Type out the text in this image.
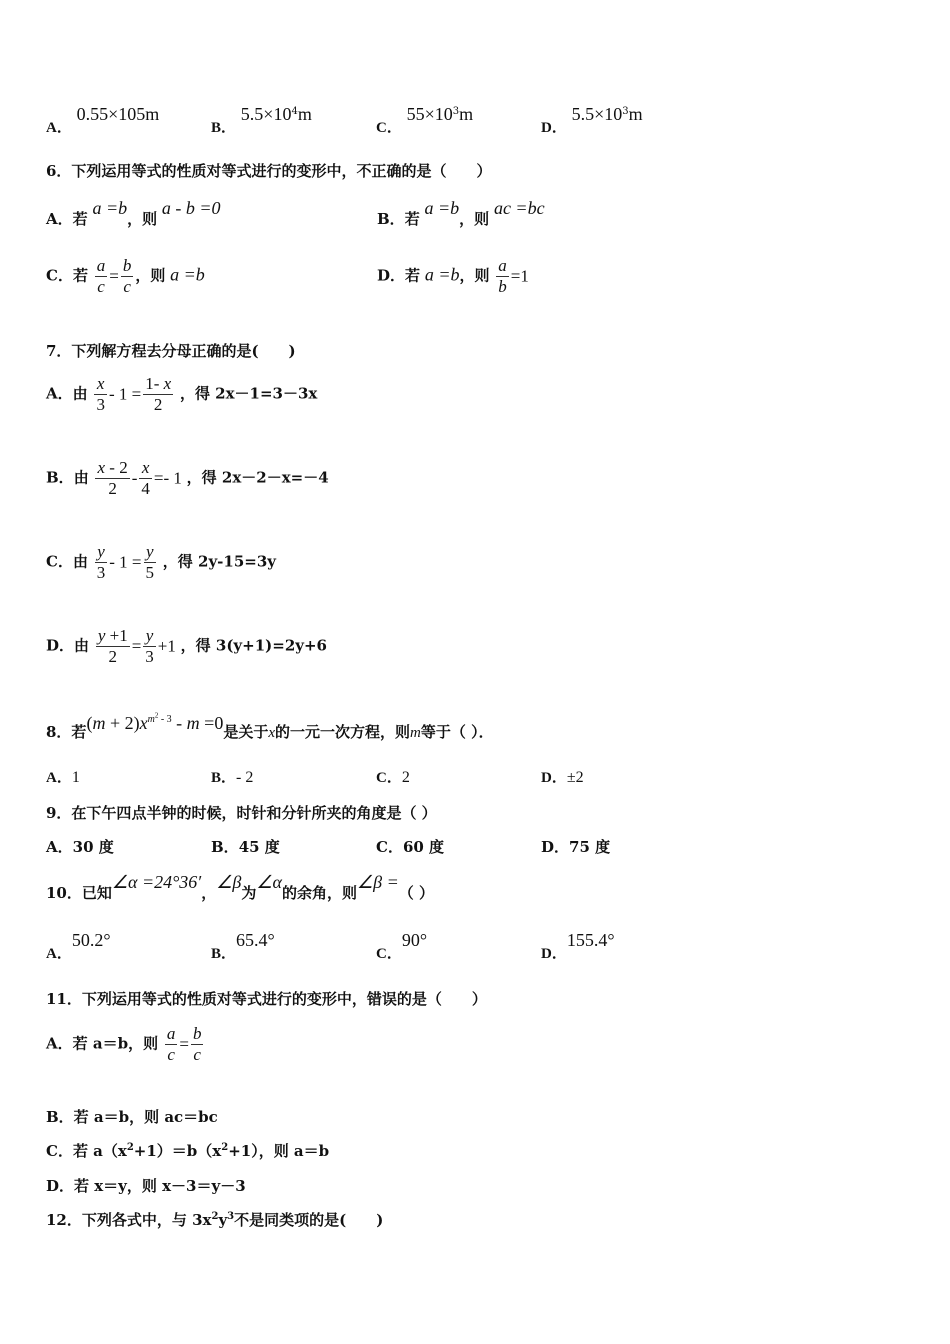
A． 0.55×105m
B． $5.5\times 10^4m$
C． $55\times 10^3m$
D． $5.5\times 10^3m$
6．下列运用等式的性质对等式进行的变形中，不正确的是（　　）
A．若 a =b，则 a - b =0
B．若 a =b，则 ac =bc
C．若 $\frac{a}{c} = \frac{b}{c}$ ，则 a =b	D．若 a =b，则 $\frac{a}{b} =1$
7．下列解方程去分母正确的是(　　)
A．由 $\frac{x}{3} - 1 = \frac{1- x}{2}$ ，得 2x－1=3－3x
B．由 $\frac{x - 2}{2} - \frac{x}{4} =- 1$ ，得 2x－2－x=－4
C．由 $\frac{y}{3} - 1 = \frac{y}{5}$ ，得 2y-15=3y
D．由 $\frac{y +1}{2} = \frac{y}{3} +1$ ，得 3(y+1)=2y+6
8．若$(m + 2)x^{m^2 - 3} - m =0$是关于x的一元一次方程，则m等于（ ）．
A．1	B．- 2	C．2	D．±2
9．在下午四点半钟的时候，时针和分针所夹的角度是（ ）
A．30 度	B．45 度	C．60 度	D．75 度
10．已知∠α =24°36′，∠β为∠α的余角，则∠β =（ ）
A．50.2°
B．65.4°
C．90°
D．155.4°
11．下列运用等式的性质对等式进行的变形中，错误的是（　　）
A．若 a＝b，则 $\frac{a}{c} = \frac{b}{c}$
B．若 a＝b，则 ac＝bc
C．若 $a(x^2+1)=b(x^2+1)$，则 a＝b
D．若 x＝y，则 x－3＝y－3
12．下列各式中，与 $3x^2y^3$不是同类项的是(　　)
